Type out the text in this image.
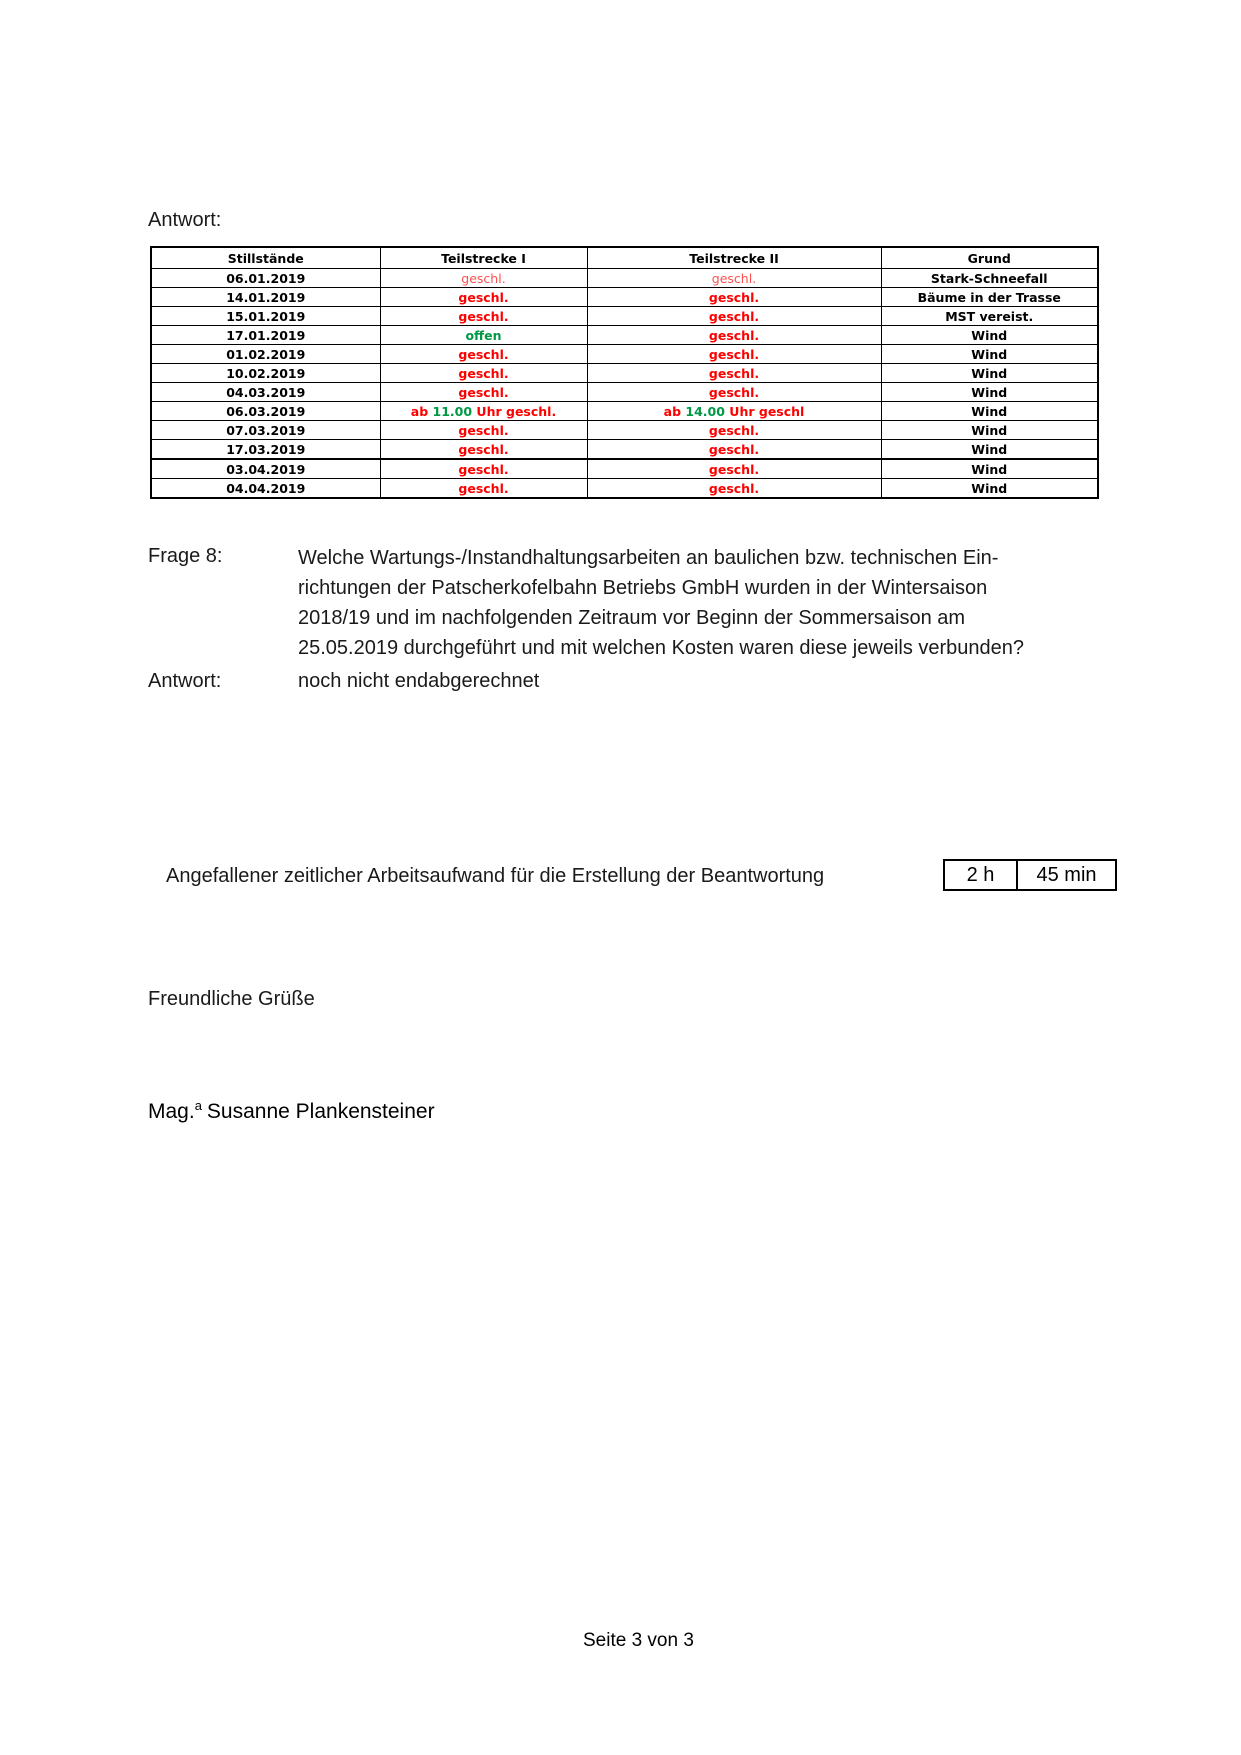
Antwort:
Stillstände	Teilstrecke I	Teilstrecke II	Grund
06.01.2019	geschl.	geschl.	Stark-Schneefall
14.01.2019	geschl.	geschl.	Bäume in der Trasse
15.01.2019	geschl.	geschl.	MST vereist.
17.01.2019	offen	geschl.	Wind
01.02.2019	geschl.	geschl.	Wind
10.02.2019	geschl.	geschl.	Wind
04.03.2019	geschl.	geschl.	Wind
06.03.2019	ab 11.00 Uhr geschl.	ab 14.00 Uhr geschl	Wind
07.03.2019	geschl.	geschl.	Wind
17.03.2019	geschl.	geschl.	Wind
03.04.2019	geschl.	geschl.	Wind
04.04.2019	geschl.	geschl.	Wind
Frage 8:	Welche Wartungs-/Instandhaltungsarbeiten an baulichen bzw. technischen Ein-
richtungen der Patscherkofelbahn Betriebs GmbH wurden in der Wintersaison
2018/19 und im nachfolgenden Zeitraum vor Beginn der Sommersaison am
25.05.2019 durchgeführt und mit welchen Kosten waren diese jeweils verbunden?
Antwort:	noch nicht endabgerechnet
Angefallener zeitlicher Arbeitsaufwand für die Erstellung der Beantwortung	2 h	45 min
Freundliche Grüße
Mag.$^a$ Susanne Plankensteiner
Seite 3 von 3
